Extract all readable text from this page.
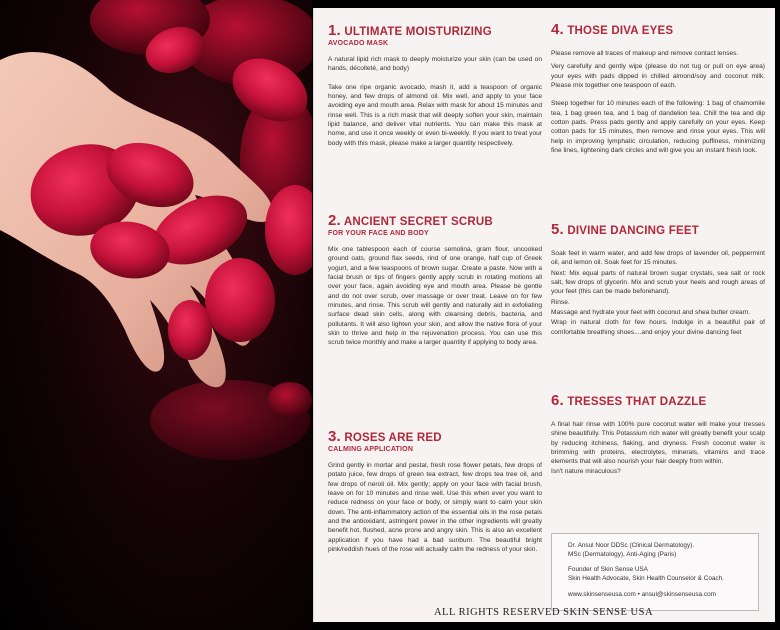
1. ULTIMATE MOISTURIZING
AVOCADO MASK

A natural lipid rich mask to deeply moisturize your skin (can be used on hands, décolleté, and body)

Take one ripe organic avocado, mash it, add a teaspoon of organic honey, and few drops of almond oil. Mix well, and apply to your face avoiding eye and mouth area. Relax with mask for about 15 minutes and rinse well. This is a rich mask that will deeply soften your skin, maintain lipid balance, and deliver vital nutrients. You can make this mask at home, and use it once weekly or even bi-weekly. If you want to treat your body with this mask, please make a larger quantity respectively.

2. ANCIENT SECRET SCRUB
FOR YOUR FACE AND BODY

Mix one tablespoon each of course semolina, gram flour, uncooked ground oats, ground flax seeds, rind of one orange, half cup of Greek yogurt, and a few teaspoons of brown sugar. Create a paste. Now with a facial brush or tips of fingers gently apply scrub in rotating motions all over your face, again avoiding eye and mouth area. Please be gentle and do not over scrub, over massage or over treat. Leave on for few minutes, and rinse. This scrub will gently and naturally aid in exfoliating surface dead skin cells, along with cleansing debris, bacteria, and pollutants. It will also lighten your skin, and allow the native flora of your skin to thrive and help in the rejuvenation process. You can use this scrub twice monthly and make a larger quantity if applying to body area.

3. ROSES ARE RED
CALMING APPLICATION

Grind gently in mortar and pestal, fresh rose flower petals, few drops of potato juice, few drops of green tea extract, few drops tea tree oil, and few drops of neroli oil. Mix gently; apply on your face with facial brush, leave on for 10 minutes and rinse well. Use this when ever you want to reduce redness on your face or body, or simply want to calm your skin down. The anti-inflammatory action of the essential oils in the rose petals and the antioxidant, astringent power in the other ingredients will greatly benefit hot, flushed, acne prone and angry skin. This is also an excellent application if you have had a bad sunburn. The beautiful bright pink/reddish hues of the rose will actually calm the redness of your skin.

4. THOSE DIVA EYES

Please remove all traces of makeup and remove contact lenses.

Very carefully and gently wipe (please do not tug or pull on eye area) your eyes with pads dipped in chilled almond/soy and coconut milk. Please mix together one teaspoon of each.

Steep together for 10 minutes each of the following: 1 bag of chamomile tea, 1 bag green tea, and 1 bag of dandelion tea. Chill the tea and dip cotton pads. Press pads gently and apply carefully on your eyes. Keep cotton pads for 15 minutes, then remove and rinse your eyes. This will help in improving lymphatic circulation, reducing puffiness, minimizing fine lines, lightening dark circles and will give you an instant fresh look.

5. DIVINE DANCING FEET

Soak feet in warm water, and add few drops of lavender oil, peppermint oil, and lemon oil. Soak feet for 15 minutes.

Next: Mix equal parts of natural brown sugar crystals, sea salt or rock salt, few drops of glycerin. Mix and scrub your heels and rough areas of your feet (this can be made beforehand).

Rinse.

Massage and hydrate your feet with coconut and shea butter cream.

Wrap in natural cloth for few hours. Indulge in a beautiful pair of comfortable breathing shoes....and enjoy your divine dancing feet

6. TRESSES THAT DAZZLE

A final hair rinse with 100% pure coconut water will make your tresses shine beautifully. This Potassium rich water will greatly benefit your scalp by reducing itchiness, flaking, and dryness. Fresh coconut water is brimming with proteins, electrolytes, minerals, vitamins and trace elements that will also nourish your hair deeply from within.

Isn't nature miraculous?

Dr. Ansul Noor DDSc (Clinical Dermatology).
MSc (Dermatology), Anti-Aging (Paris)
Founder of Skin Sense USA
Skin Health Advocate, Skin Health Counselor & Coach.
www.skinsenseusa.com • ansul@skinsenseusa.com
ALL RIGHTS RESERVED SKIN SENSE USA
